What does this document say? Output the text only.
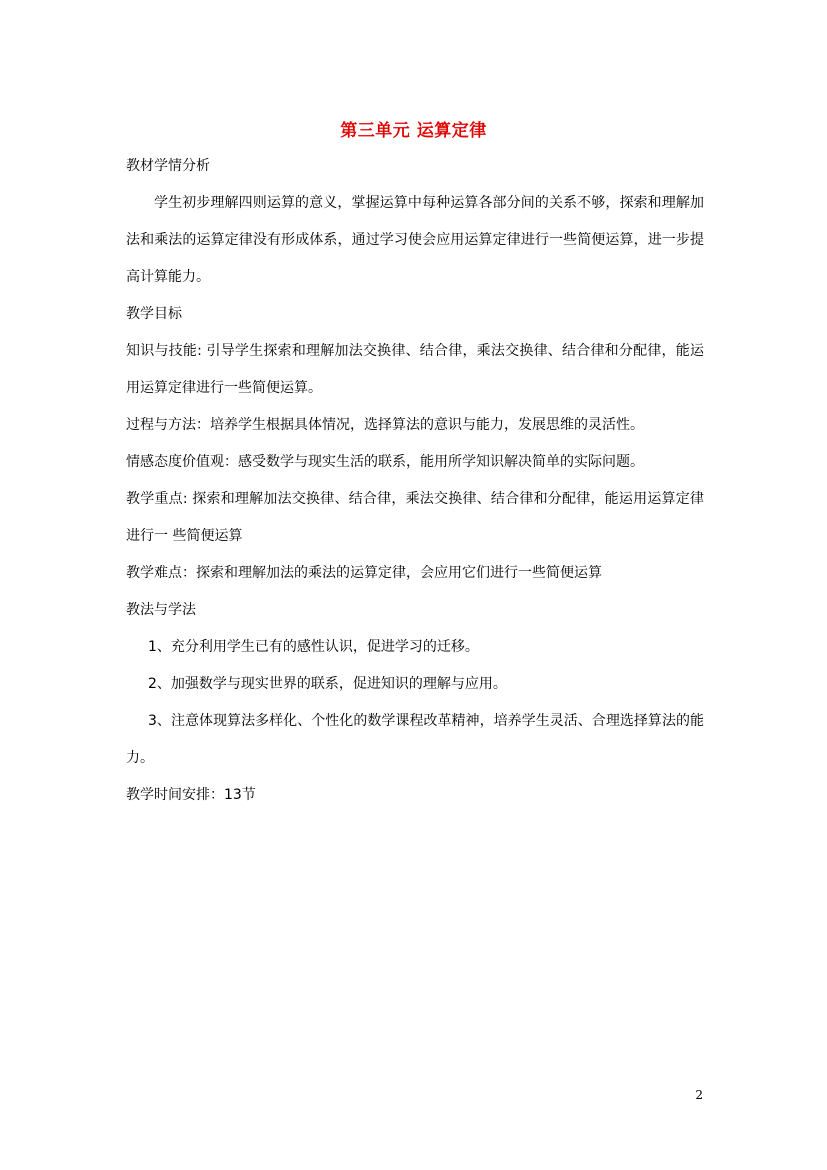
第三单元 运算定律
教材学情分析
学生初步理解四则运算的意义，掌握运算中每种运算各部分间的关系不够，探索和理解加法和乘法的运算定律没有形成体系，通过学习使会应用运算定律进行一些简便运算，进一步提高计算能力。
教学目标
知识与技能: 引导学生探索和理解加法交换律、结合律，乘法交换律、结合律和分配律，能运用运算定律进行一些简便运算。
过程与方法：培养学生根据具体情况，选择算法的意识与能力，发展思维的灵活性。
情感态度价值观：感受数学与现实生活的联系，能用所学知识解决简单的实际问题。
教学重点: 探索和理解加法交换律、结合律，乘法交换律、结合律和分配律，能运用运算定律进行一 些简便运算
教学难点：探索和理解加法的乘法的运算定律，会应用它们进行一些简便运算
教法与学法
1、充分利用学生已有的感性认识，促进学习的迁移。
2、加强数学与现实世界的联系，促进知识的理解与应用。
3、注意体现算法多样化、个性化的数学课程改革精神，培养学生灵活、合理选择算法的能力。
教学时间安排：13节
2
